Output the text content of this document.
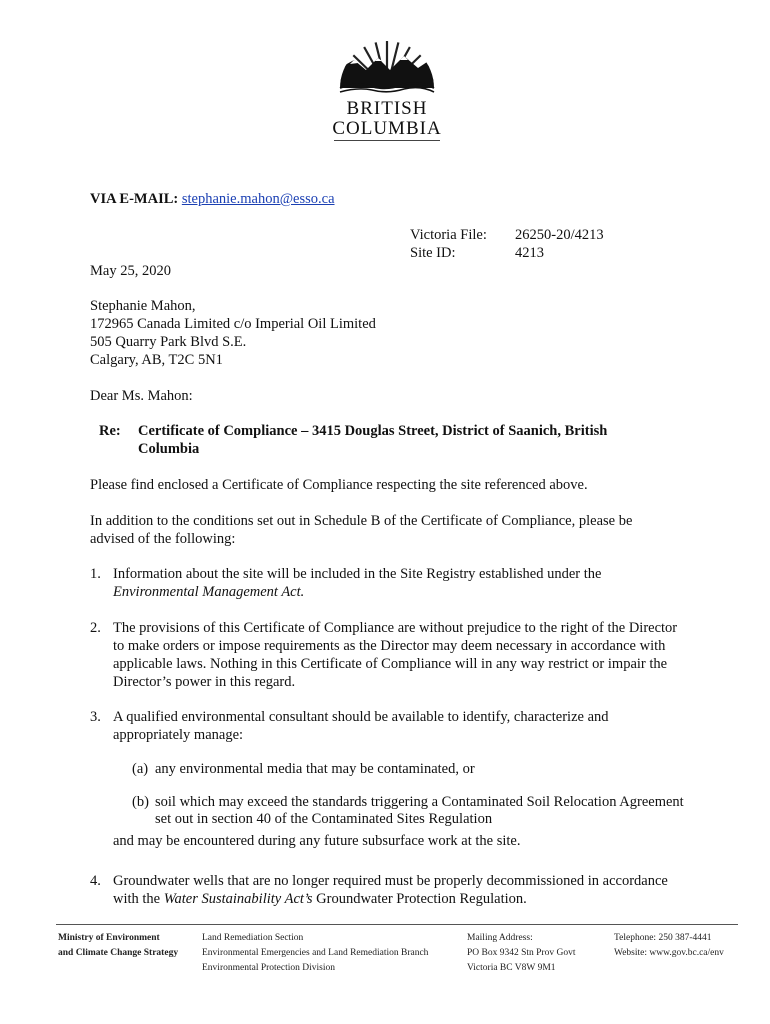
BRITISH
COLUMBIA
VIA E-MAIL: stephanie.mahon@esso.ca
Victoria File: 26250-20/4213
Site ID:	4213
May 25, 2020
Stephanie Mahon,
172965 Canada Limited c/o Imperial Oil Limited
505 Quarry Park Blvd S.E.
Calgary, AB, T2C 5N1
Dear Ms. Mahon:
Re: Certificate of Compliance – 3415 Douglas Street, District of Saanich, British
Columbia
Please find enclosed a Certificate of Compliance respecting the site referenced above.
In addition to the conditions set out in Schedule B of the Certificate of Compliance, please be
advised of the following:
1. Information about the site will be included in the Site Registry established under the
Environmental Management Act.
2. The provisions of this Certificate of Compliance are without prejudice to the right of the Director
to make orders or impose requirements as the Director may deem necessary in accordance with
applicable laws. Nothing in this Certificate of Compliance will in any way restrict or impair the
Director’s power in this regard.
3. A qualified environmental consultant should be available to identify, characterize and
appropriately manage:
(a) any environmental media that may be contaminated, or
(b) soil which may exceed the standards triggering a Contaminated Soil Relocation Agreement
set out in section 40 of the Contaminated Sites Regulation
and may be encountered during any future subsurface work at the site.
4. Groundwater wells that are no longer required must be properly decommissioned in accordance
with the Water Sustainability Act’s Groundwater Protection Regulation.
Ministry of Environment
and Climate Change Strategy
Land Remediation Section
Environmental Emergencies and Land Remediation Branch
Environmental Protection Division
Mailing Address:
PO Box 9342 Stn Prov Govt
Victoria BC V8W 9M1
Telephone: 250 387-4441
Website: www.gov.bc.ca/env
